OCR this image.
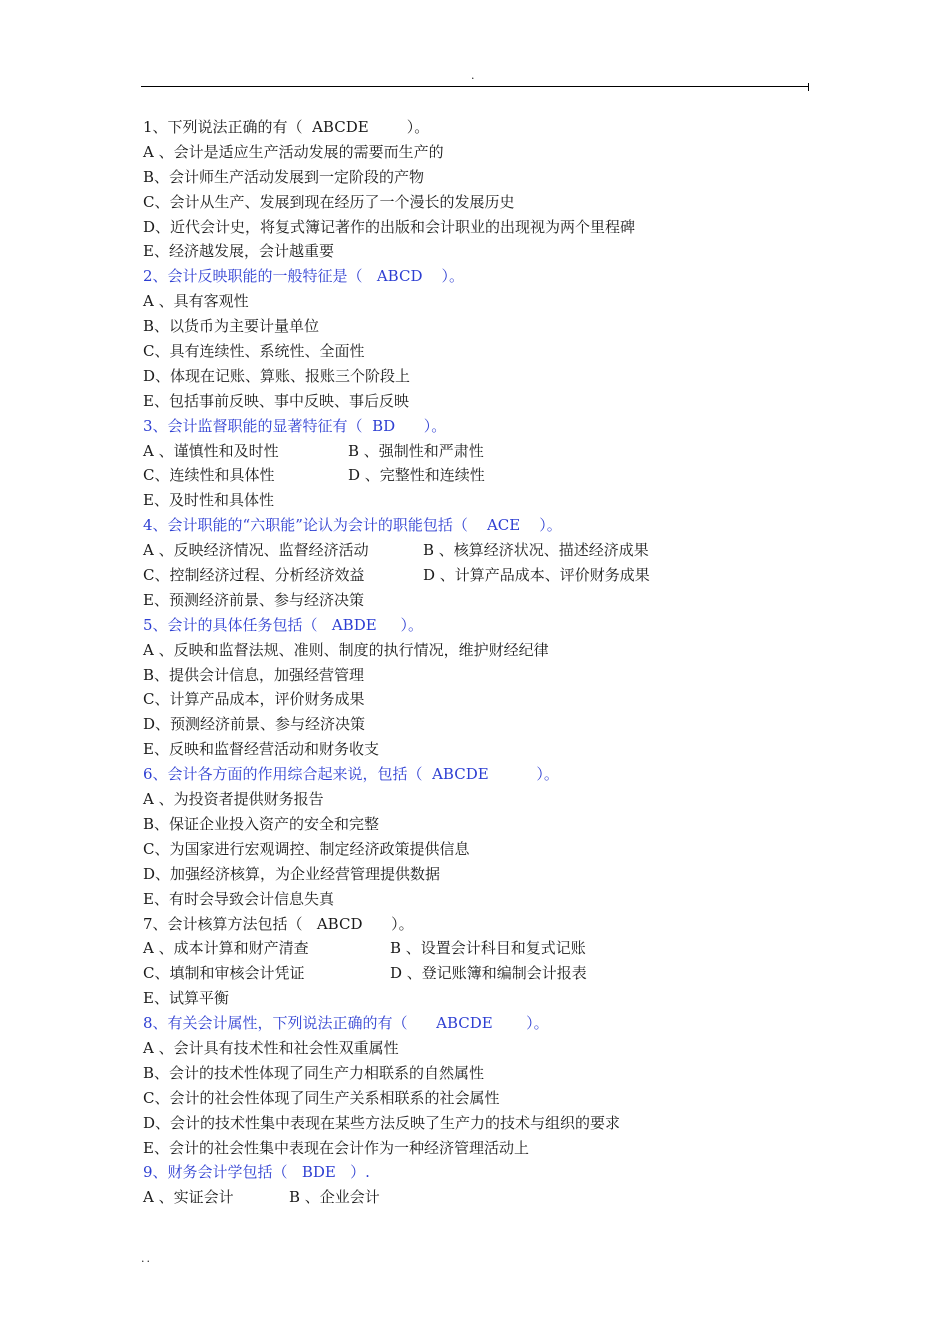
.
1、下列说法正确的有（  ABCDE        ）。
A 、会计是适应生产活动发展的需要而生产的
B、会计师生产活动发展到一定阶段的产物
C、会计从生产、发展到现在经历了一个漫长的发展历史
D、近代会计史，将复式簿记著作的出版和会计职业的出现视为两个里程碑
E、经济越发展，会计越重要
2、会计反映职能的一般特征是（   ABCD    ）。
A 、具有客观性
B、以货币为主要计量单位
C、具有连续性、系统性、全面性
D、体现在记账、算账、报账三个阶段上
E、包括事前反映、事中反映、事后反映
3、会计监督职能的显著特征有（  BD      ）。
A 、谨慎性和及时性	B 、强制性和严肃性
C、连续性和具体性	D 、完整性和连续性
E、及时性和具体性
4、会计职能的“六职能”论认为会计的职能包括（    ACE    ）。
A 、反映经济情况、监督经济活动	B 、核算经济状况、描述经济成果
C、控制经济过程、分析经济效益	D 、计算产品成本、评价财务成果
E、预测经济前景、参与经济决策
5、会计的具体任务包括（   ABDE     ）。
A 、反映和监督法规、准则、制度的执行情况，维护财经纪律
B、提供会计信息，加强经营管理
C、计算产品成本，评价财务成果
D、预测经济前景、参与经济决策
E、反映和监督经营活动和财务收支
6、会计各方面的作用综合起来说，包括（  ABCDE          ）。
A 、为投资者提供财务报告
B、保证企业投入资产的安全和完整
C、为国家进行宏观调控、制定经济政策提供信息
D、加强经济核算，为企业经营管理提供数据
E、有时会导致会计信息失真
7、会计核算方法包括（   ABCD      ）。
A 、成本计算和财产清查	B 、设置会计科目和复式记账
C、填制和审核会计凭证	D 、登记账簿和编制会计报表
E、试算平衡
8、有关会计属性，下列说法正确的有（      ABCDE       ）。
A 、会计具有技术性和社会性双重属性
B、会计的技术性体现了同生产力相联系的自然属性
C、会计的社会性体现了同生产关系相联系的社会属性
D、会计的技术性集中表现在某些方法反映了生产力的技术与组织的要求
E、会计的社会性集中表现在会计作为一种经济管理活动上
9、财务会计学包括（   BDE   ）.
A 、实证会计	B 、企业会计
..
